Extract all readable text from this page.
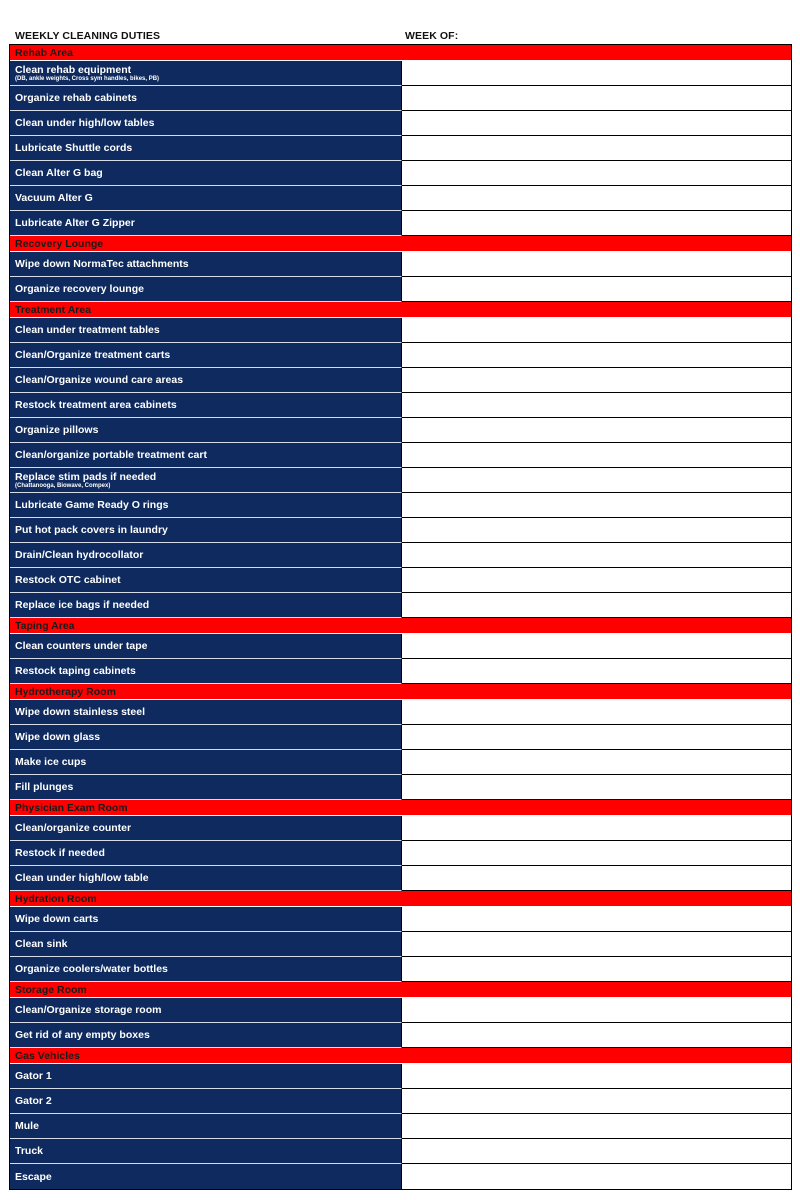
WEEKLY CLEANING DUTIES	WEEK OF:
Rehab Area
Clean rehab equipment
(DB, ankle weights, Cross sym handles, bikes, PB)
Organize rehab cabinets
Clean under high/low tables
Lubricate Shuttle cords
Clean Alter G bag
Vacuum Alter G
Lubricate Alter G Zipper
Recovery Lounge
Wipe down NormaTec attachments
Organize recovery lounge
Treatment Area
Clean under treatment tables
Clean/Organize treatment carts
Clean/Organize wound care areas
Restock treatment area cabinets
Organize pillows
Clean/organize portable treatment cart
Replace stim pads if needed
(Chattanooga, Biowave, Compex)
Lubricate Game Ready O rings
Put hot pack covers in laundry
Drain/Clean hydrocollator
Restock OTC cabinet
Replace ice bags if needed
Taping Area
Clean counters under tape
Restock taping cabinets
Hydrotherapy Room
Wipe down stainless steel
Wipe down glass
Make ice cups
Fill plunges
Physician Exam Room
Clean/organize counter
Restock if needed
Clean under high/low table
Hydration Room
Wipe down carts
Clean sink
Organize coolers/water bottles
Storage Room
Clean/Organize storage room
Get rid of any empty boxes
Gas Vehicles
Gator 1
Gator 2
Mule
Truck
Escape
